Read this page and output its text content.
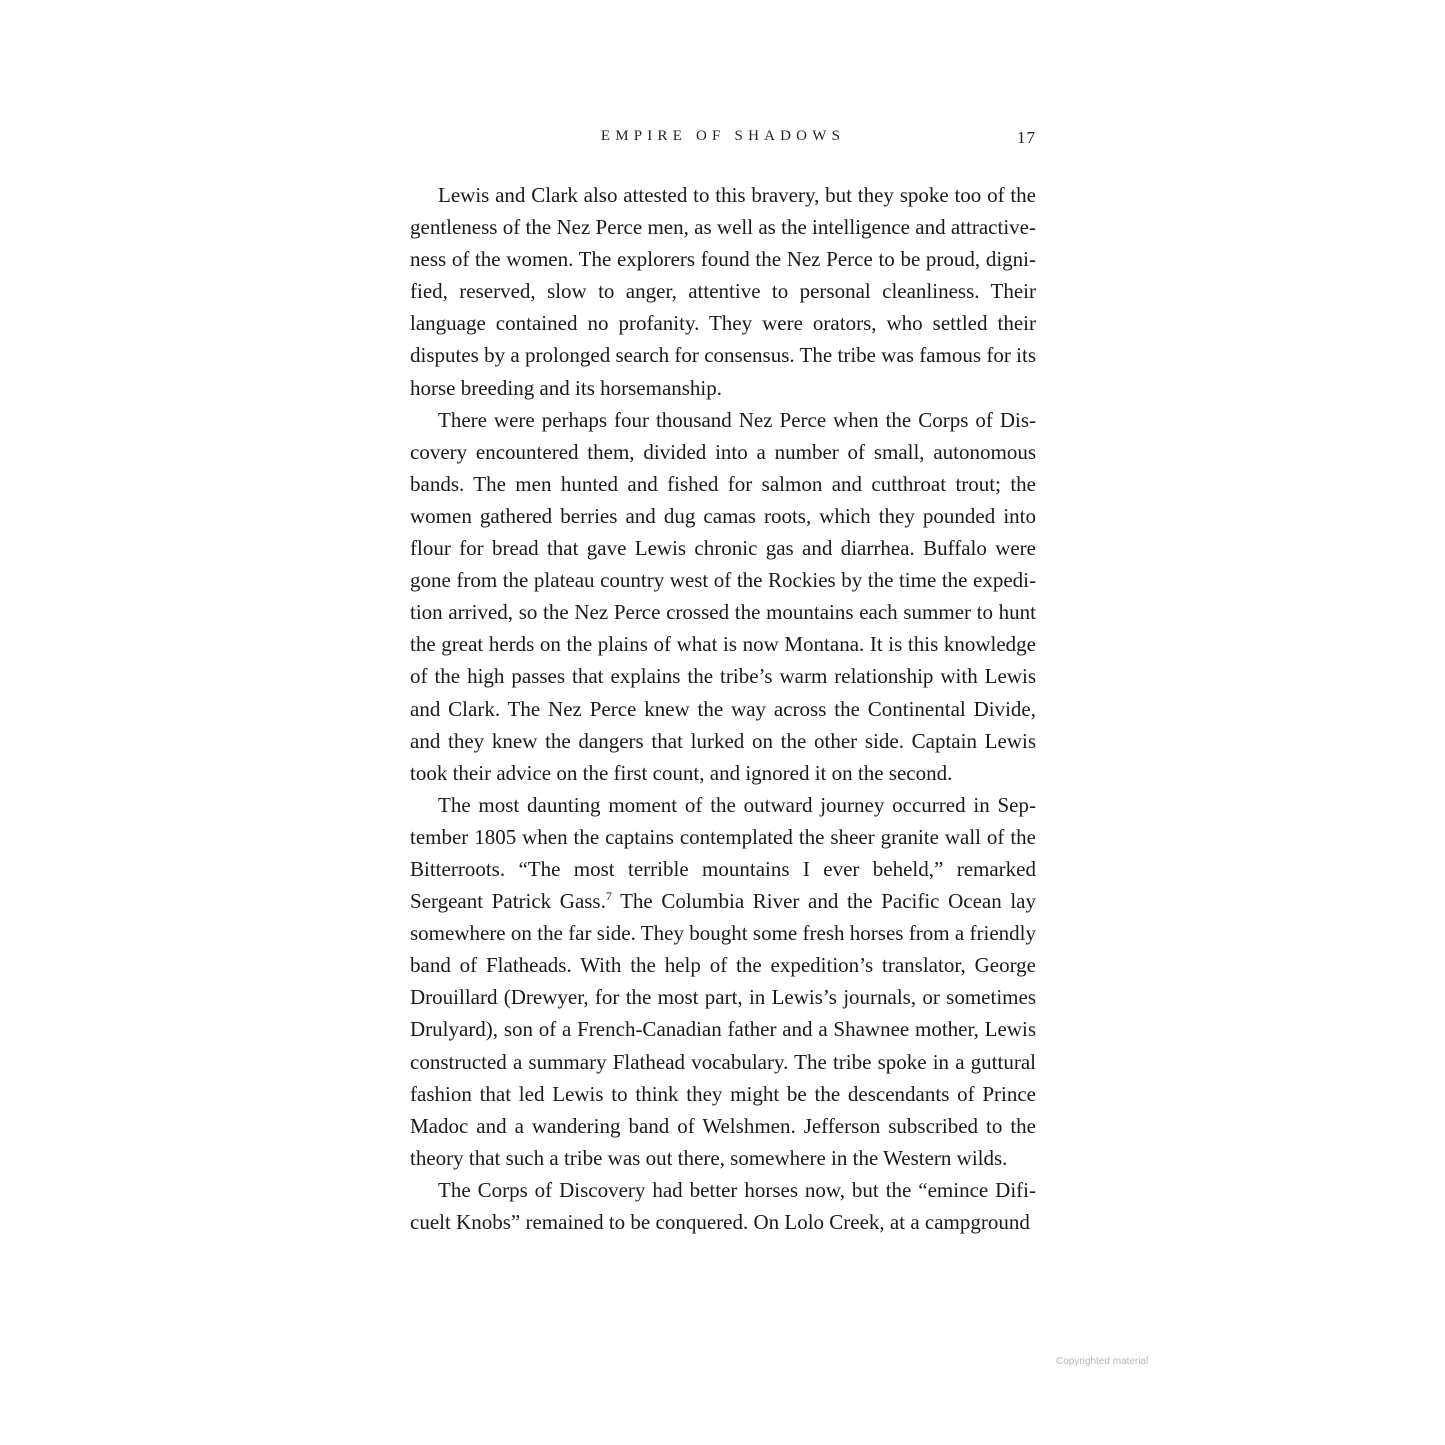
EMPIRE OF SHADOWS	17

Lewis and Clark also attested to this bravery, but they spoke too of the gentleness of the Nez Perce men, as well as the intelligence and attractiveness of the women. The explorers found the Nez Perce to be proud, dignified, reserved, slow to anger, attentive to personal cleanliness. Their language contained no profanity. They were orators, who settled their disputes by a prolonged search for consensus. The tribe was famous for its horse breeding and its horsemanship.

There were perhaps four thousand Nez Perce when the Corps of Discovery encountered them, divided into a number of small, autonomous bands. The men hunted and fished for salmon and cutthroat trout; the women gathered berries and dug camas roots, which they pounded into flour for bread that gave Lewis chronic gas and diarrhea. Buffalo were gone from the plateau country west of the Rockies by the time the expedition arrived, so the Nez Perce crossed the mountains each summer to hunt the great herds on the plains of what is now Montana. It is this knowledge of the high passes that explains the tribe’s warm relationship with Lewis and Clark. The Nez Perce knew the way across the Continental Divide, and they knew the dangers that lurked on the other side. Captain Lewis took their advice on the first count, and ignored it on the second.

The most daunting moment of the outward journey occurred in September 1805 when the captains contemplated the sheer granite wall of the Bitterroots. “The most terrible mountains I ever beheld,” remarked Sergeant Patrick Gass.$^7$ The Columbia River and the Pacific Ocean lay somewhere on the far side. They bought some fresh horses from a friendly band of Flatheads. With the help of the expedition’s translator, George Drouillard (Drewyer, for the most part, in Lewis’s journals, or sometimes Drulyard), son of a French-Canadian father and a Shawnee mother, Lewis constructed a summary Flathead vocabulary. The tribe spoke in a guttural fashion that led Lewis to think they might be the descendants of Prince Madoc and a wandering band of Welshmen. Jefferson subscribed to the theory that such a tribe was out there, somewhere in the Western wilds.

The Corps of Discovery had better horses now, but the “emince Dificuelt Knobs” remained to be conquered. On Lolo Creek, at a campground

Copyrighted material
